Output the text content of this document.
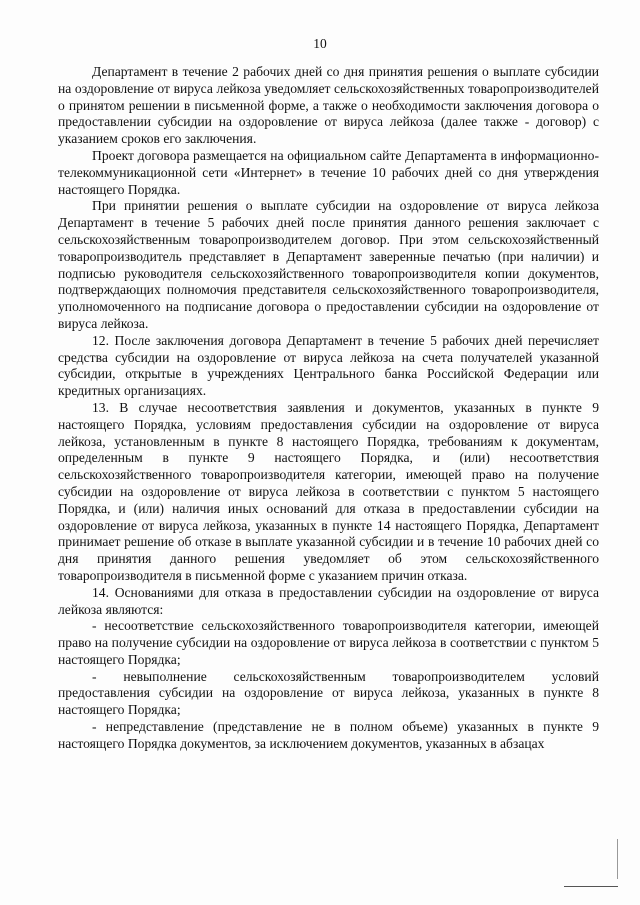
10

Департамент в течение 2 рабочих дней со дня принятия решения о выплате субсидии на оздоровление от вируса лейкоза уведомляет сельскохозяйственных товаропроизводителей о принятом решении в письменной форме, а также о необходимости заключения договора о предоставлении субсидии на оздоровление от вируса лейкоза (далее также - договор) с указанием сроков его заключения.

Проект договора размещается на официальном сайте Департамента в информационно-телекоммуникационной сети «Интернет» в течение 10 рабочих дней со дня утверждения настоящего Порядка.

При принятии решения о выплате субсидии на оздоровление от вируса лейкоза Департамент в течение 5 рабочих дней после принятия данного решения заключает с сельскохозяйственным товаропроизводителем договор. При этом сельскохозяйственный товаропроизводитель представляет в Департамент заверенные печатью (при наличии) и подписью руководителя сельскохозяйственного товаропроизводителя копии документов, подтверждающих полномочия представителя сельскохозяйственного товаропроизводителя, уполномоченного на подписание договора о предоставлении субсидии на оздоровление от вируса лейкоза.

12. После заключения договора Департамент в течение 5 рабочих дней перечисляет средства субсидии на оздоровление от вируса лейкоза на счета получателей указанной субсидии, открытые в учреждениях Центрального банка Российской Федерации или кредитных организациях.

13. В случае несоответствия заявления и документов, указанных в пункте 9 настоящего Порядка, условиям предоставления субсидии на оздоровление от вируса лейкоза, установленным в пункте 8 настоящего Порядка, требованиям к документам, определенным в пункте 9 настоящего Порядка, и (или) несоответствия сельскохозяйственного товаропроизводителя категории, имеющей право на получение субсидии на оздоровление от вируса лейкоза в соответствии с пунктом 5 настоящего Порядка, и (или) наличия иных оснований для отказа в предоставлении субсидии на оздоровление от вируса лейкоза, указанных в пункте 14 настоящего Порядка, Департамент принимает решение об отказе в выплате указанной субсидии и в течение 10 рабочих дней со дня принятия данного решения уведомляет об этом сельскохозяйственного товаропроизводителя в письменной форме с указанием причин отказа.

14. Основаниями для отказа в предоставлении субсидии на оздоровление от вируса лейкоза являются:

- несоответствие сельскохозяйственного товаропроизводителя категории, имеющей право на получение субсидии на оздоровление от вируса лейкоза в соответствии с пунктом 5 настоящего Порядка;

- невыполнение сельскохозяйственным товаропроизводителем условий предоставления субсидии на оздоровление от вируса лейкоза, указанных в пункте 8 настоящего Порядка;

- непредставление (представление не в полном объеме) указанных в пункте 9 настоящего Порядка документов, за исключением документов, указанных в абзацах
